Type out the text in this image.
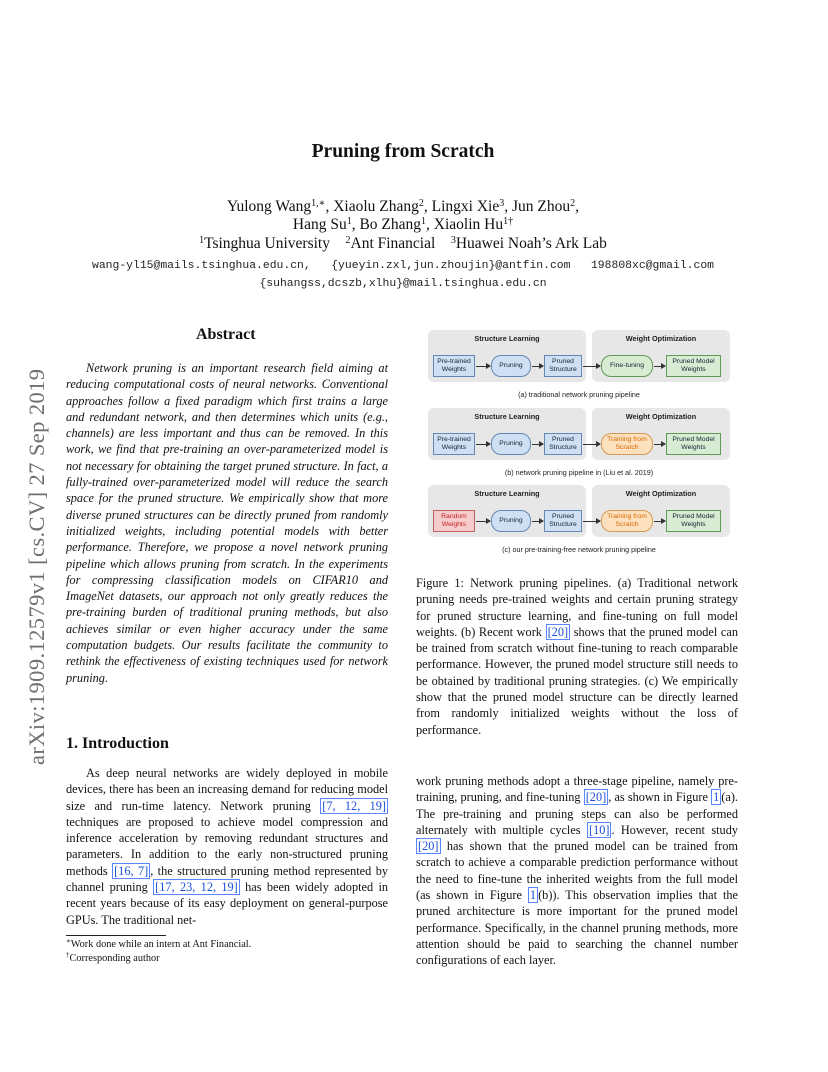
arXiv:1909.12579v1 [cs.CV] 27 Sep 2019
Pruning from Scratch
Yulong Wang$^{1,∗}$, Xiaolu Zhang$^2$, Lingxi Xie$^3$, Jun Zhou$^2$,
Hang Su$^1$, Bo Zhang$^1$, Xiaolin $Hu^{1\dagger}$
$^1$Tsinghua University $^2$Ant Financial $^3$Huawei Noah’s Ark Lab
wang-yl15@mails.tsinghua.edu.cn,   {yueyin.zxl,jun.zhoujin}@antfin.com   198808xc@gmail.com
{suhangss,dcszb,xlhu}@mail.tsinghua.edu.cn
Abstract
Network pruning is an important research field aiming at reducing computational costs of neural networks. Conventional approaches follow a fixed paradigm which first trains a large and redundant network, and then determines which units (e.g., channels) are less important and thus can be removed. In this work, we find that pre-training an over-parameterized model is not necessary for obtaining the target pruned structure. In fact, a fully-trained over-parameterized model will reduce the search space for the pruned structure. We empirically show that more diverse pruned structures can be directly pruned from randomly initialized weights, including potential models with better performance. Therefore, we propose a novel network pruning pipeline which allows pruning from scratch. In the experiments for compressing classification models on CIFAR10 and ImageNet datasets, our approach not only greatly reduces the pre-training burden of traditional pruning methods, but also achieves similar or even higher accuracy under the same computation budgets. Our results facilitate the community to rethink the effectiveness of existing techniques used for network pruning.
1. Introduction
As deep neural networks are widely deployed in mobile devices, there has been an increasing demand for reducing model size and run-time latency. Network pruning [7, 12, 19] techniques are proposed to achieve model compression and inference acceleration by removing redundant structures and parameters. In addition to the early non-structured pruning methods [16, 7] , the structured pruning method represented by channel pruning [17, 23, 12, 19] has been widely adopted in recent years because of its easy deployment on general-purpose GPUs. The traditional net-
∗Work done while an intern at Ant Financial.
†Corresponding author
Structure Learning	Weight Optimization
Pre-trained Weights
Pruning
Pruned Structure
Fine-tuning
Pruned Model Weights
(a) traditional network pruning pipeline
Structure Learning	Weight Optimization
Pre-trained Weights
Pruning
Pruned Structure
Training from Scratch
Pruned Model Weights
(b) network pruning pipeline in (Liu et al. 2019)
Structure Learning	Weight Optimization
Random Weights
Pruning
Pruned Structure
Training from Scratch
Pruned Model Weights
(c) our pre-training-free network pruning pipeline
Figure 1: Network pruning pipelines. (a) Traditional network pruning needs pre-trained weights and certain pruning strategy for pruned structure learning, and fine-tuning on full model weights. (b) Recent work [20] shows that the pruned model can be trained from scratch without fine-tuning to reach comparable performance. However, the pruned model structure still needs to be obtained by traditional pruning strategies. (c) We empirically show that the pruned model structure can be directly learned from randomly initialized weights without the loss of performance.
work pruning methods adopt a three-stage pipeline, namely pre-training, pruning, and fine-tuning [20] , as shown in Figure 1 (a). The pre-training and pruning steps can also be performed alternately with multiple cycles [10] . However, recent study [20] has shown that the pruned model can be trained from scratch to achieve a comparable prediction performance without the need to fine-tune the inherited weights from the full model (as shown in Figure 1 (b)). This observation implies that the pruned architecture is more important for the pruned model performance. Specifically, in the channel pruning methods, more attention should be paid to searching the channel number configurations of each layer.
